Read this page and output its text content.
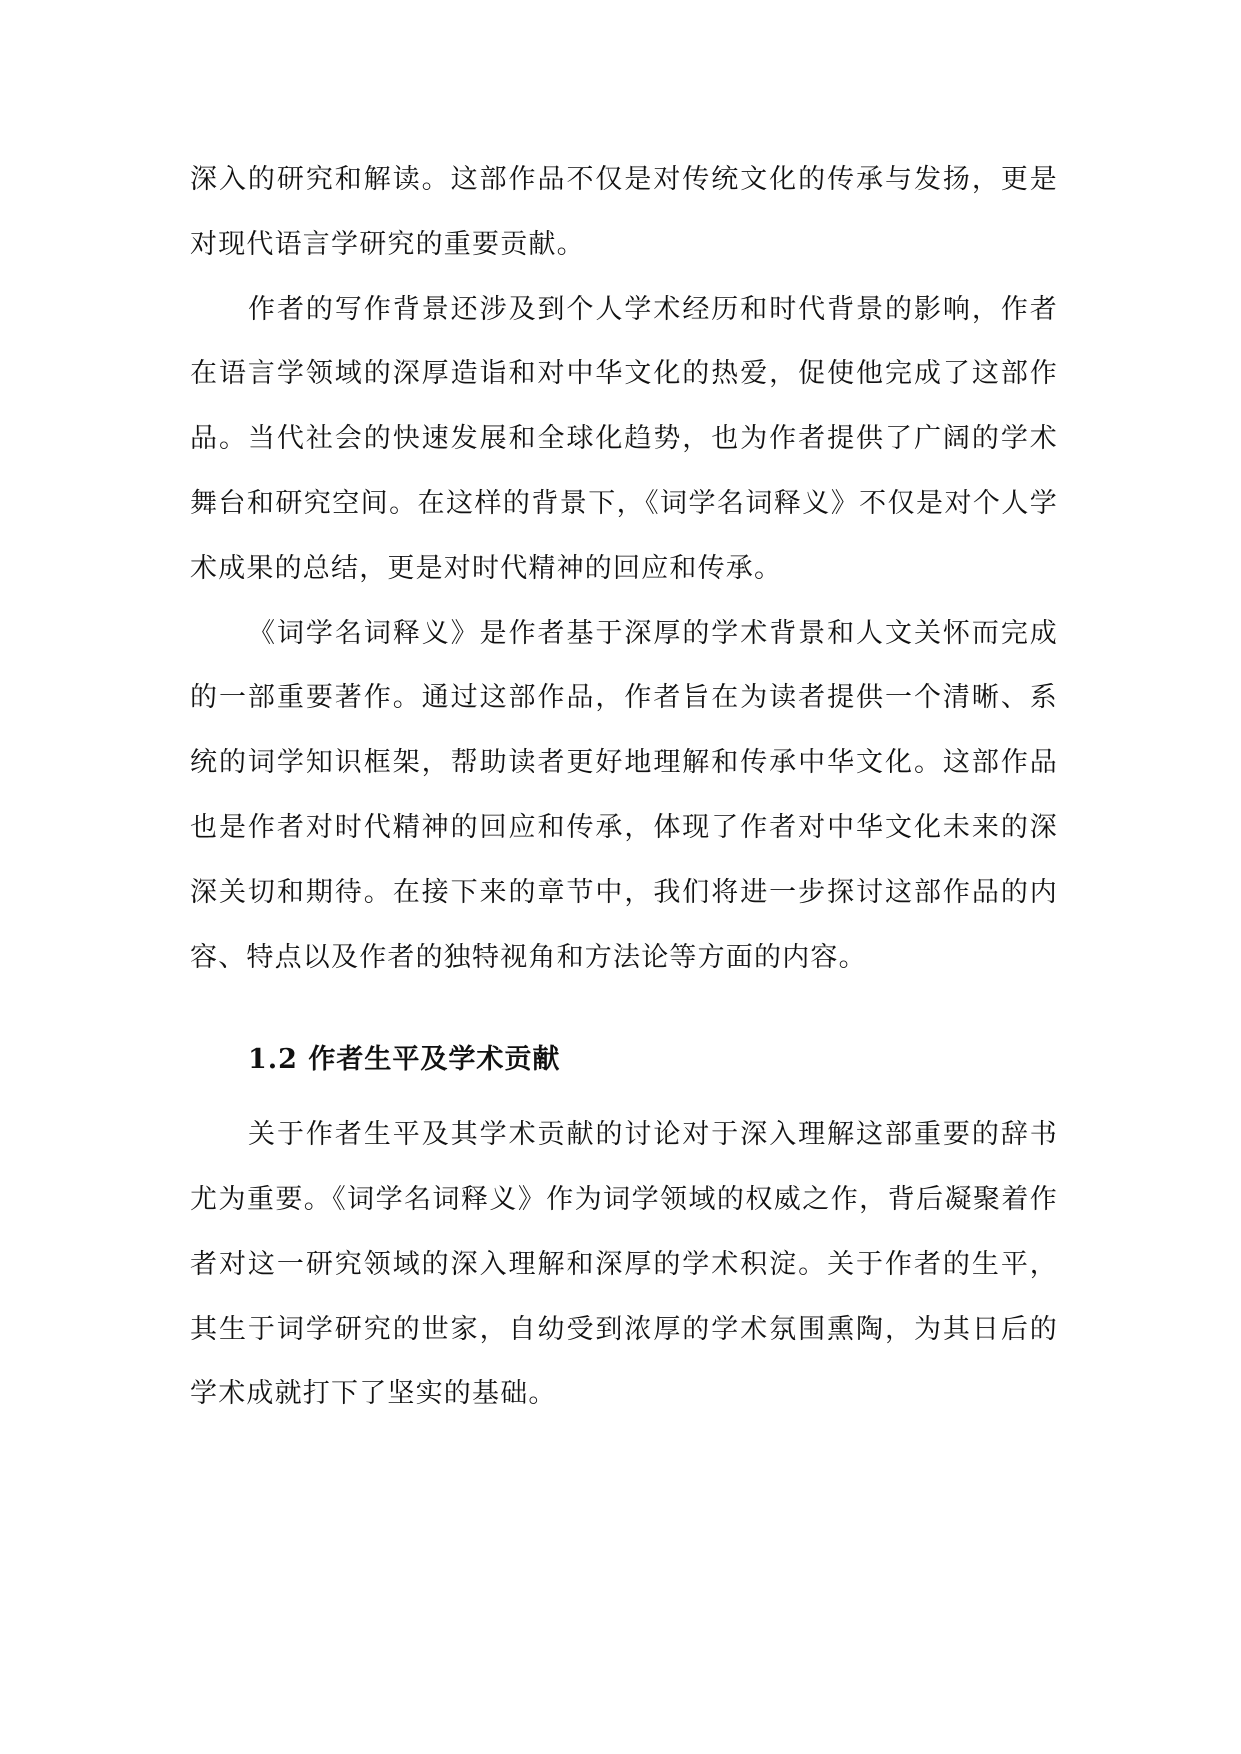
深入的研究和解读。这部作品不仅是对传统文化的传承与发扬，更是对现代语言学研究的重要贡献。

作者的写作背景还涉及到个人学术经历和时代背景的影响，作者在语言学领域的深厚造诣和对中华文化的热爱，促使他完成了这部作品。当代社会的快速发展和全球化趋势，也为作者提供了广阔的学术舞台和研究空间。在这样的背景下，《词学名词释义》不仅是对个人学术成果的总结，更是对时代精神的回应和传承。

《词学名词释义》是作者基于深厚的学术背景和人文关怀而完成的一部重要著作。通过这部作品，作者旨在为读者提供一个清晰、系统的词学知识框架，帮助读者更好地理解和传承中华文化。这部作品也是作者对时代精神的回应和传承，体现了作者对中华文化未来的深深关切和期待。在接下来的章节中，我们将进一步探讨这部作品的内容、特点以及作者的独特视角和方法论等方面的内容。

1.2 作者生平及学术贡献

关于作者生平及其学术贡献的讨论对于深入理解这部重要的辞书尤为重要。《词学名词释义》作为词学领域的权威之作，背后凝聚着作者对这一研究领域的深入理解和深厚的学术积淀。关于作者的生平，其生于词学研究的世家，自幼受到浓厚的学术氛围熏陶，为其日后的学术成就打下了坚实的基础。
